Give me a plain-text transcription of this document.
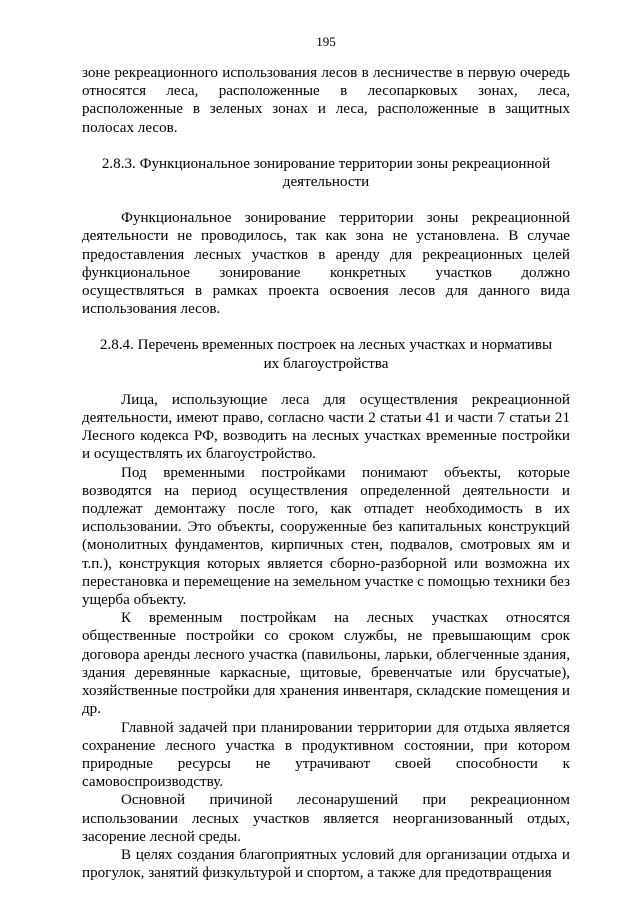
195

зоне рекреационного использования лесов в лесничестве в первую очередь относятся леса, расположенные в лесопарковых зонах, леса, расположенные в зеленых зонах и леса, расположенные в защитных полосах лесов.

2.8.3. Функциональное зонирование территории зоны рекреационной деятельности

Функциональное зонирование территории зоны рекреационной деятельности не проводилось, так как зона не установлена. В случае предоставления лесных участков в аренду для рекреационных целей функциональное зонирование конкретных участков должно осуществляться в рамках проекта освоения лесов для данного вида использования лесов.

2.8.4. Перечень временных построек на лесных участках и нормативы их благоустройства

Лица, использующие леса для осуществления рекреационной деятельности, имеют право, согласно части 2 статьи 41 и части 7 статьи 21 Лесного кодекса РФ, возводить на лесных участках временные постройки и осуществлять их благоустройство.

Под временными постройками понимают объекты, которые возводятся на период осуществления определенной деятельности и подлежат демонтажу после того, как отпадет необходимость в их использовании. Это объекты, сооруженные без капитальных конструкций (монолитных фундаментов, кирпичных стен, подвалов, смотровых ям и т.п.), конструкция которых является сборно-разборной или возможна их перестановка и перемещение на земельном участке с помощью техники без ущерба объекту.

К временным постройкам на лесных участках относятся общественные постройки со сроком службы, не превышающим срок договора аренды лесного участка (павильоны, ларьки, облегченные здания, здания деревянные каркасные, щитовые, бревенчатые или брусчатые), хозяйственные постройки для хранения инвентаря, складские помещения и др.

Главной задачей при планировании территории для отдыха является сохранение лесного участка в продуктивном состоянии, при котором природные ресурсы не утрачивают своей способности к самовоспроизводству.

Основной причиной лесонарушений при рекреационном использовании лесных участков является неорганизованный отдых, засорение лесной среды.

В целях создания благоприятных условий для организации отдыха и прогулок, занятий физкультурой и спортом, а также для предотвращения
